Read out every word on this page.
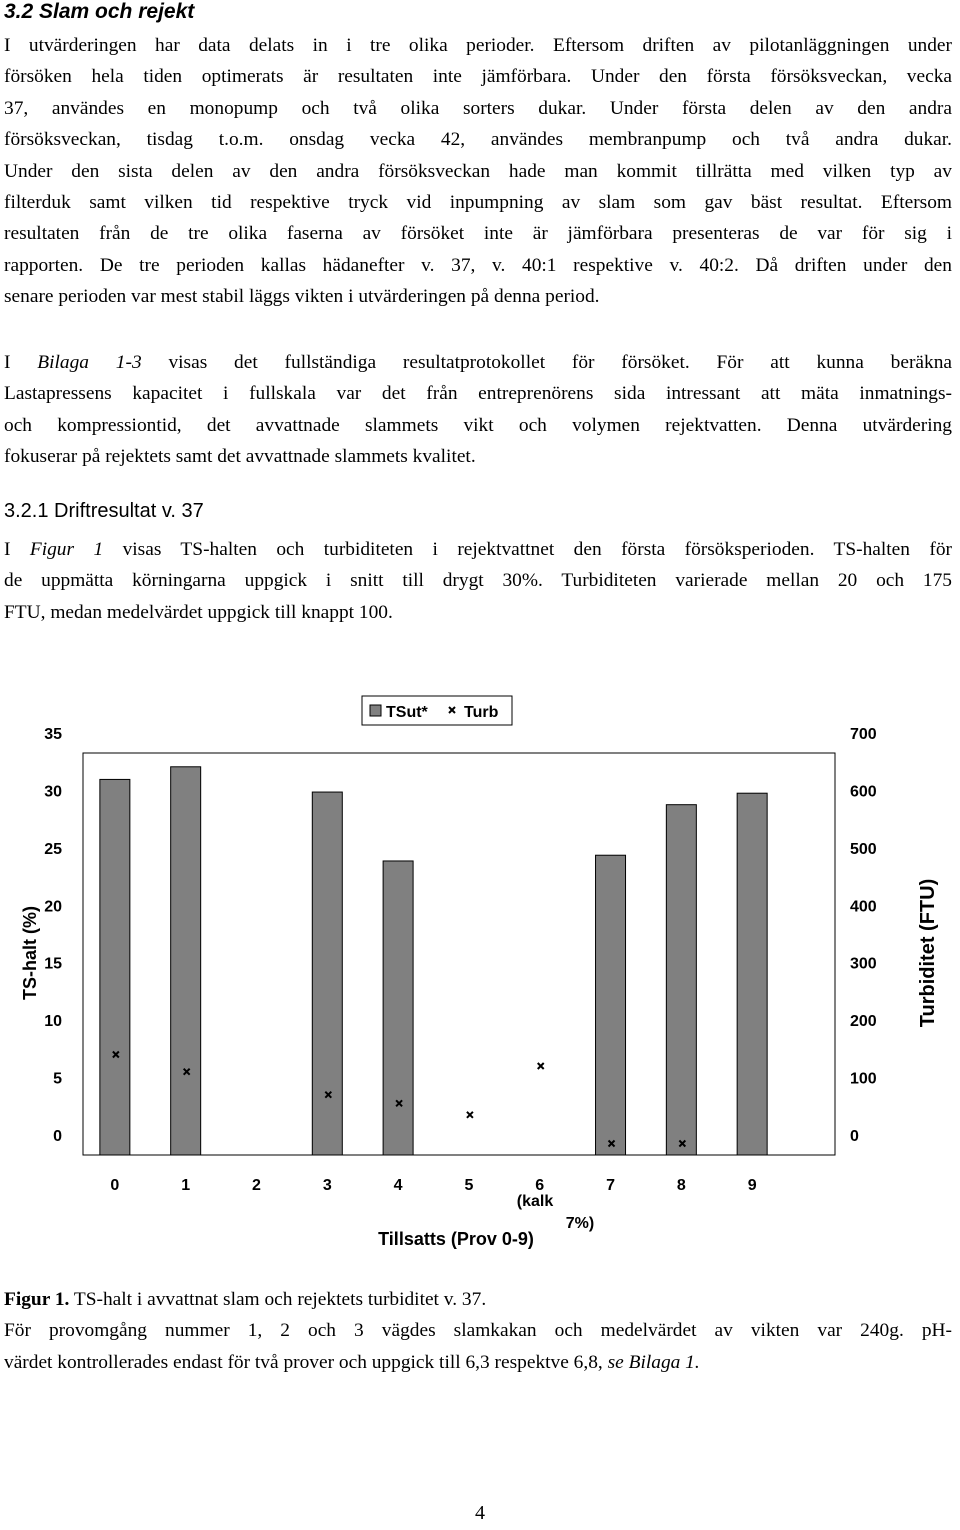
3.2 Slam och rejekt
I utvärderingen har data delats in i tre olika perioder. Eftersom driften av pilotanläggningen under
försöken hela tiden optimerats är resultaten inte jämförbara. Under den första försöksveckan, vecka
37, användes en monopump och två olika sorters dukar. Under första delen av den andra
försöksveckan, tisdag t.o.m. onsdag vecka 42, användes membranpump och två andra dukar.
Under den sista delen av den andra försöksveckan hade man kommit tillrätta med vilken typ av
filterduk samt vilken tid respektive tryck vid inpumpning av slam som gav bäst resultat. Eftersom
resultaten från de tre olika faserna av försöket inte är jämförbara presenteras de var för sig i
rapporten. De tre perioden kallas hädanefter v. 37, v. 40:1 respektive v. 40:2. Då driften under den
senare perioden var mest stabil läggs vikten i utvärderingen på denna period.
I Bilaga 1-3 visas det fullständiga resultatprotokollet för försöket. För att kunna beräkna
Lastapressens kapacitet i fullskala var det från entreprenörens sida intressant att mäta inmatnings-
och kompressiontid, det avvattnade slammets vikt och volymen rejektvatten. Denna utvärdering
fokuserar på rejektets samt det avvattnade slammets kvalitet.
3.2.1 Driftresultat v. 37
I Figur 1 visas TS-halten och turbiditeten i rejektvattnet den första försöksperioden. TS-halten för
de uppmätta körningarna uppgick i snitt till drygt 30%. Turbiditeten varierade mellan 20 och 175
FTU, medan medelvärdet uppgick till knappt 100.
TSut* Turb
0
5
10
15
20
25
30
35
0
100
200
300
400
500
600
700
0	1	2	3	4	5	6	7	8	9
(kalk
7%)
Tillsatts (Prov 0-9)
TS-halt (%)	Turbiditet (FTU)
Figur 1. TS-halt i avvattnat slam och rejektets turbiditet v. 37.
För provomgång nummer 1, 2 och 3 vägdes slamkakan och medelvärdet av vikten var 240g. pH-
värdet kontrollerades endast för två prover och uppgick till 6,3 respektve 6,8, se Bilaga 1.
4
